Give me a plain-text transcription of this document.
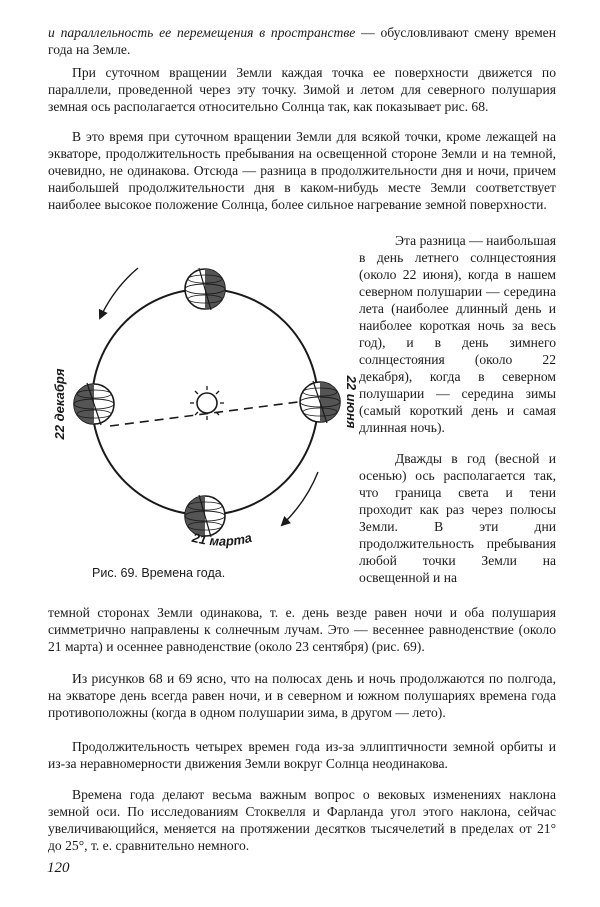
и параллельность ее перемещения в пространстве — обусловливают смену времен года на Земле.

При суточном вращении Земли каждая точка ее поверхности движется по параллели, проведенной через эту точку. Зимой и летом для северного полушария земная ось располагается относительно Солнца так, как показывает рис. 68.

В это время при суточном вращении Земли для всякой точки, кроме лежащей на экваторе, продолжительность пребывания на освещенной стороне Земли и на темной, очевидно, не одинакова. Отсюда — разница в продолжительности дня и ночи, причем наибольшей продолжительности дня в каком-нибудь месте Земли соответствует наиболее высокое положение Солнца, более сильное нагревание земной поверхности.

22 декабря	22 июня
21 марта

Рис. 69. Времена года.

Эта разница — наибольшая в день летнего солнцестояния (около 22 июня), когда в нашем северном полушарии — середина лета (наиболее длинный день и наиболее короткая ночь за весь год), и в день зимнего солнцестояния (около 22 декабря), когда в северном полушарии — середина зимы (самый короткий день и самая длинная ночь).

Дважды в год (весной и осенью) ось располагается так, что граница света и тени проходит как раз через полюсы Земли. В эти дни продолжительность пребывания любой точки Земли на освещенной и на

темной сторонах Земли одинакова, т. е. день везде равен ночи и оба полушария симметрично направлены к солнечным лучам. Это — весеннее равноденствие (около 21 марта) и осеннее равноденствие (около 23 сентября) (рис. 69).

Из рисунков 68 и 69 ясно, что на полюсах день и ночь продолжаются по полгода, на экваторе день всегда равен ночи, и в северном и южном полушариях времена года противоположны (когда в одном полушарии зима, в другом — лето).

Продолжительность четырех времен года из-за эллиптичности земной орбиты и из-за неравномерности движения Земли вокруг Солнца неодинакова.

Времена года делают весьма важным вопрос о вековых изменениях наклона земной оси. По исследованиям Стоквелля и Фарланда угол этого наклона, сейчас увеличивающийся, меняется на протяжении десятков тысячелетий в пределах от 21° до 25°, т. е. сравнительно немного.

120
